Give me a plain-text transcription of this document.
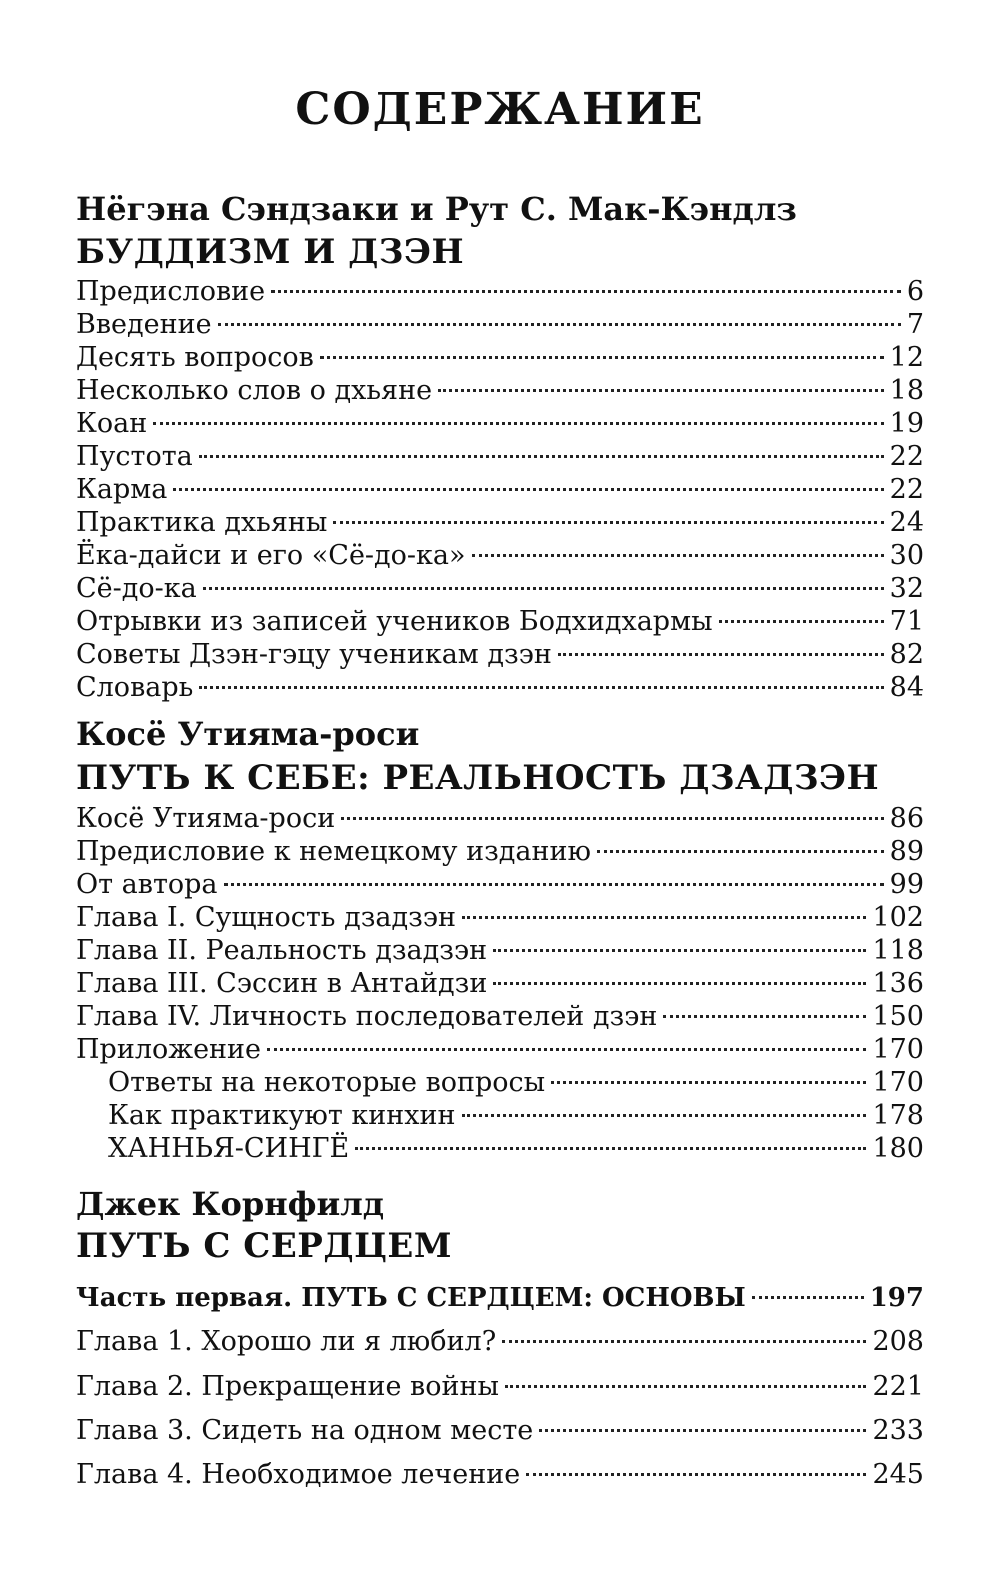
СОДЕРЖАНИЕ
Нёгэна Сэндзаки и Рут С. Мак-Кэндлз
БУДДИЗМ И ДЗЭН
Предисловие	6
Введение	7
Десять вопросов	12
Несколько слов о дхьяне	18
Коан	19
Пустота	22
Карма	22
Практика дхьяны	24
Ёка-дайси и его «Сё-до-ка»	30
Сё-до-ка	32
Отрывки из записей учеников Бодхидхармы	71
Советы Дзэн-гэцу ученикам дзэн	82
Словарь	84
Косё Утияма-роси
ПУТЬ К СЕБЕ: РЕАЛЬНОСТЬ ДЗАДЗЭН
Косё Утияма-роси	86
Предисловие к немецкому изданию	89
От автора	99
Глава I. Сущность дзадзэн	102
Глава II. Реальность дзадзэн	118
Глава III. Сэссин в Антайдзи	136
Глава IV. Личность последователей дзэн	150
Приложение	170
Ответы на некоторые вопросы	170
Как практикуют кинхин	178
ХАННЬЯ-СИНГЁ	180
Джек Корнфилд
ПУТЬ С СЕРДЦЕМ
Часть первая. ПУТЬ С СЕРДЦЕМ: ОСНОВЫ	197
Глава 1. Хорошо ли я любил?	208
Глава 2. Прекращение войны	221
Глава 3. Сидеть на одном месте	233
Глава 4. Необходимое лечение	245
